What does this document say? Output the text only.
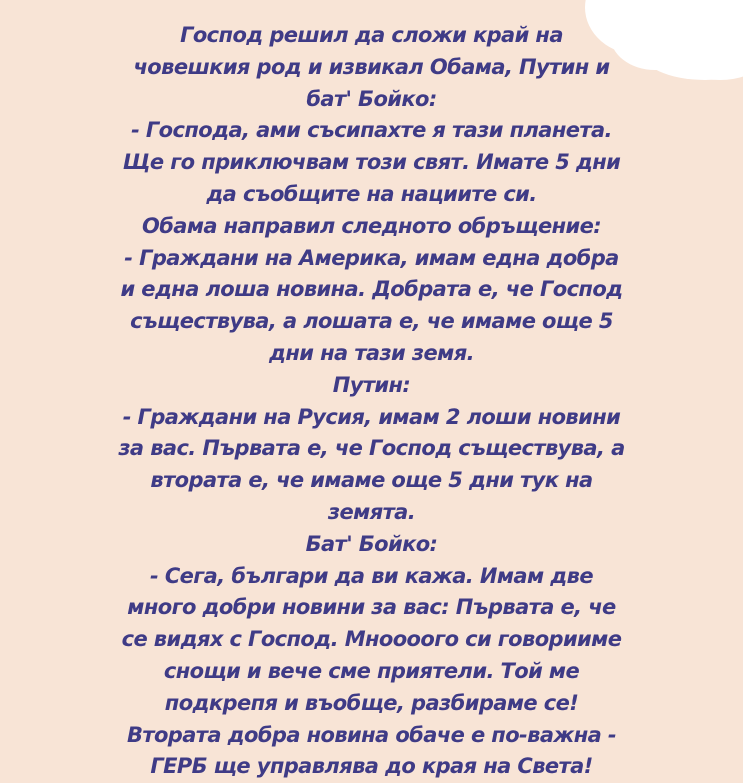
Господ решил да сложи край на
човешкия род и извикал Обама, Путин и
бат' Бойко:
- Господа, ами съсипахте я тази планета.
Ще го приключвам този свят. Имате 5 дни
да съобщите на нациите си.
Обама направил следното обръщение:
- Граждани на Америка, имам една добра
и една лоша новина. Добрата е, че Господ
съществува, а лошата е, че имаме още 5
дни на тази земя.
Путин:
- Граждани на Русия, имам 2 лоши новини
за вас. Първата е, че Господ съществува, а
втората е, че имаме още 5 дни тук на
земята.
Бат' Бойко:
- Сега, българи да ви кажа. Имам две
много добри новини за вас: Първата е, че
се видях с Господ. Мноооого си говорииме
снощи и вече сме приятели. Той ме
подкрепя и въобще, разбираме се!
Втората добра новина обаче е по-важна -
ГЕРБ ще управлява до края на Света!
